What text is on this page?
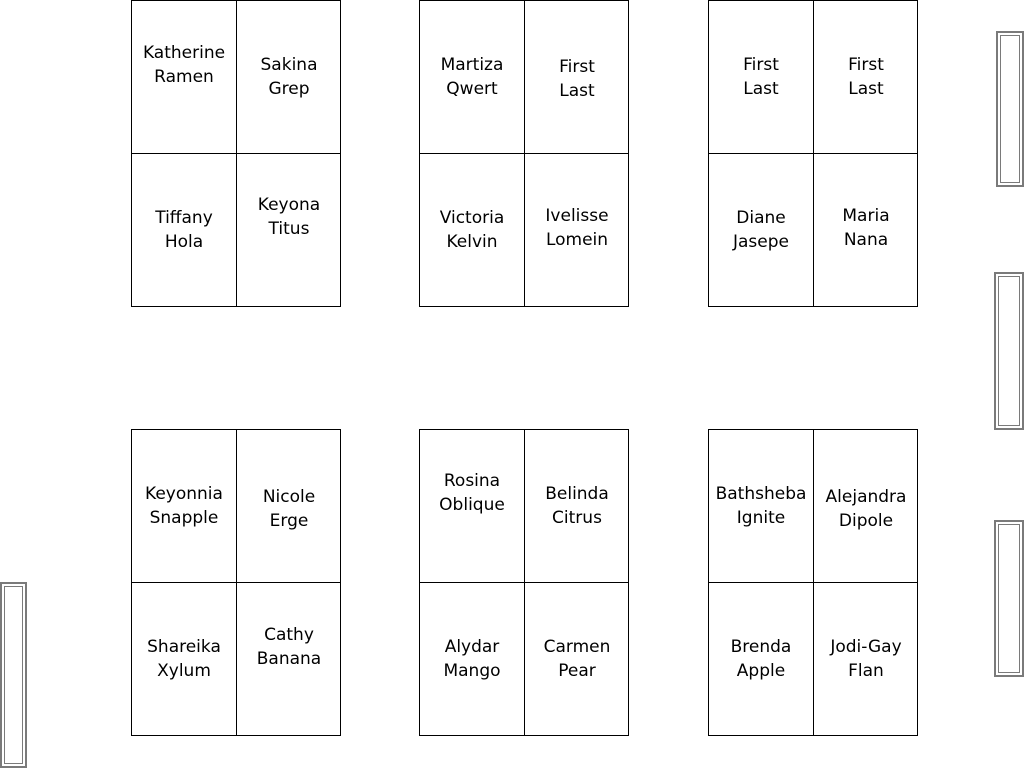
Katherine
Ramen
Sakina
Grep
Tiffany
Hola
Keyona
Titus
Martiza
Qwert
First
Last
Victoria
Kelvin
Ivelisse
Lomein
First
Last
First
Last
Diane
Jasepe
Maria
Nana
Keyonnia
Snapple
Nicole
Erge
Shareika
Xylum
Cathy
Banana
Rosina
Oblique
Belinda
Citrus
Alydar
Mango
Carmen
Pear
Bathsheba
Ignite
Alejandra
Dipole
Brenda
Apple
Jodi-Gay
Flan
